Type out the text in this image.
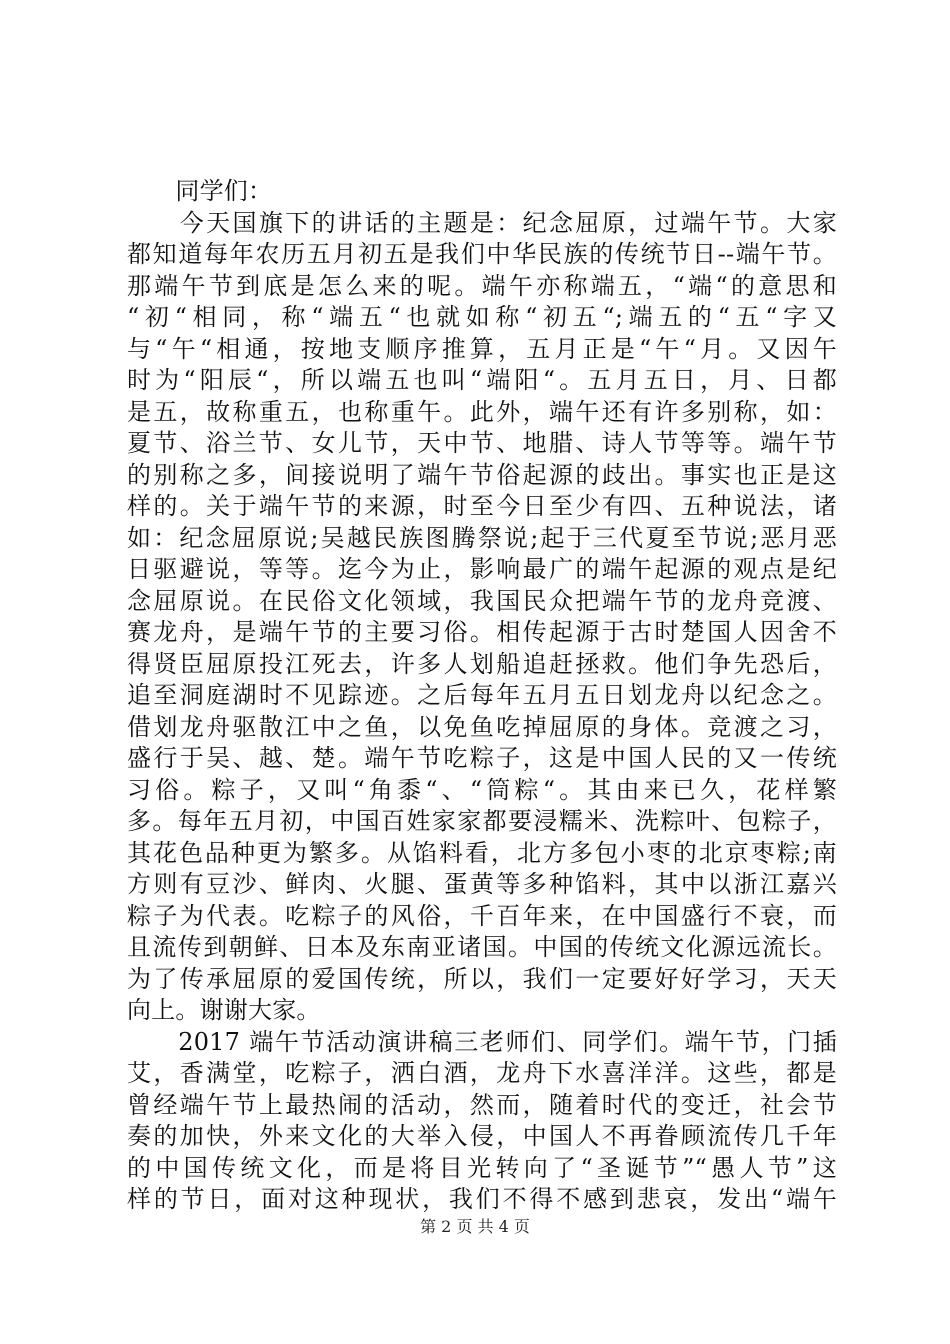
　　同学们：
　　今天国旗下的讲话的主题是：纪念屈原，过端午节。大家
都知道每年农历五月初五是我们中华民族的传统节日--端午节。
那端午节到底是怎么来的呢。端午亦称端五，“端“的意思和
“初“相同，称“端五“也就如称“初五“;端五的“五“字又
与“午“相通，按地支顺序推算，五月正是“午“月。又因午
时为“阳辰“，所以端五也叫“端阳“。五月五日，月、日都
是五，故称重五，也称重午。此外，端午还有许多别称，如：
夏节、浴兰节、女儿节，天中节、地腊、诗人节等等。端午节
的别称之多，间接说明了端午节俗起源的歧出。事实也正是这
样的。关于端午节的来源，时至今日至少有四、五种说法，诸
如：纪念屈原说;吴越民族图腾祭说;起于三代夏至节说;恶月恶
日驱避说，等等。迄今为止，影响最广的端午起源的观点是纪
念屈原说。在民俗文化领域，我国民众把端午节的龙舟竞渡、
赛龙舟，是端午节的主要习俗。相传起源于古时楚国人因舍不
得贤臣屈原投江死去，许多人划船追赶拯救。他们争先恐后，
追至洞庭湖时不见踪迹。之后每年五月五日划龙舟以纪念之。
借划龙舟驱散江中之鱼，以免鱼吃掉屈原的身体。竞渡之习，
盛行于吴、越、楚。端午节吃粽子，这是中国人民的又一传统
习俗。粽子，又叫“角黍“、“筒粽“。其由来已久，花样繁
多。每年五月初，中国百姓家家都要浸糯米、洗粽叶、包粽子，
其花色品种更为繁多。从馅料看，北方多包小枣的北京枣粽;南
方则有豆沙、鲜肉、火腿、蛋黄等多种馅料，其中以浙江嘉兴
粽子为代表。吃粽子的风俗，千百年来，在中国盛行不衰，而
且流传到朝鲜、日本及东南亚诸国。中国的传统文化源远流长。
为了传承屈原的爱国传统，所以，我们一定要好好学习，天天
向上。谢谢大家。
　　2017 端午节活动演讲稿三老师们、同学们。端午节，门插
艾，香满堂，吃粽子，洒白酒，龙舟下水喜洋洋。这些，都是
曾经端午节上最热闹的活动，然而，随着时代的变迁，社会节
奏的加快，外来文化的大举入侵，中国人不再眷顾流传几千年
的中国传统文化，而是将目光转向了“圣诞节”“愚人节”这
样的节日，面对这种现状，我们不得不感到悲哀，发出“端午
第 2 页 共 4 页
